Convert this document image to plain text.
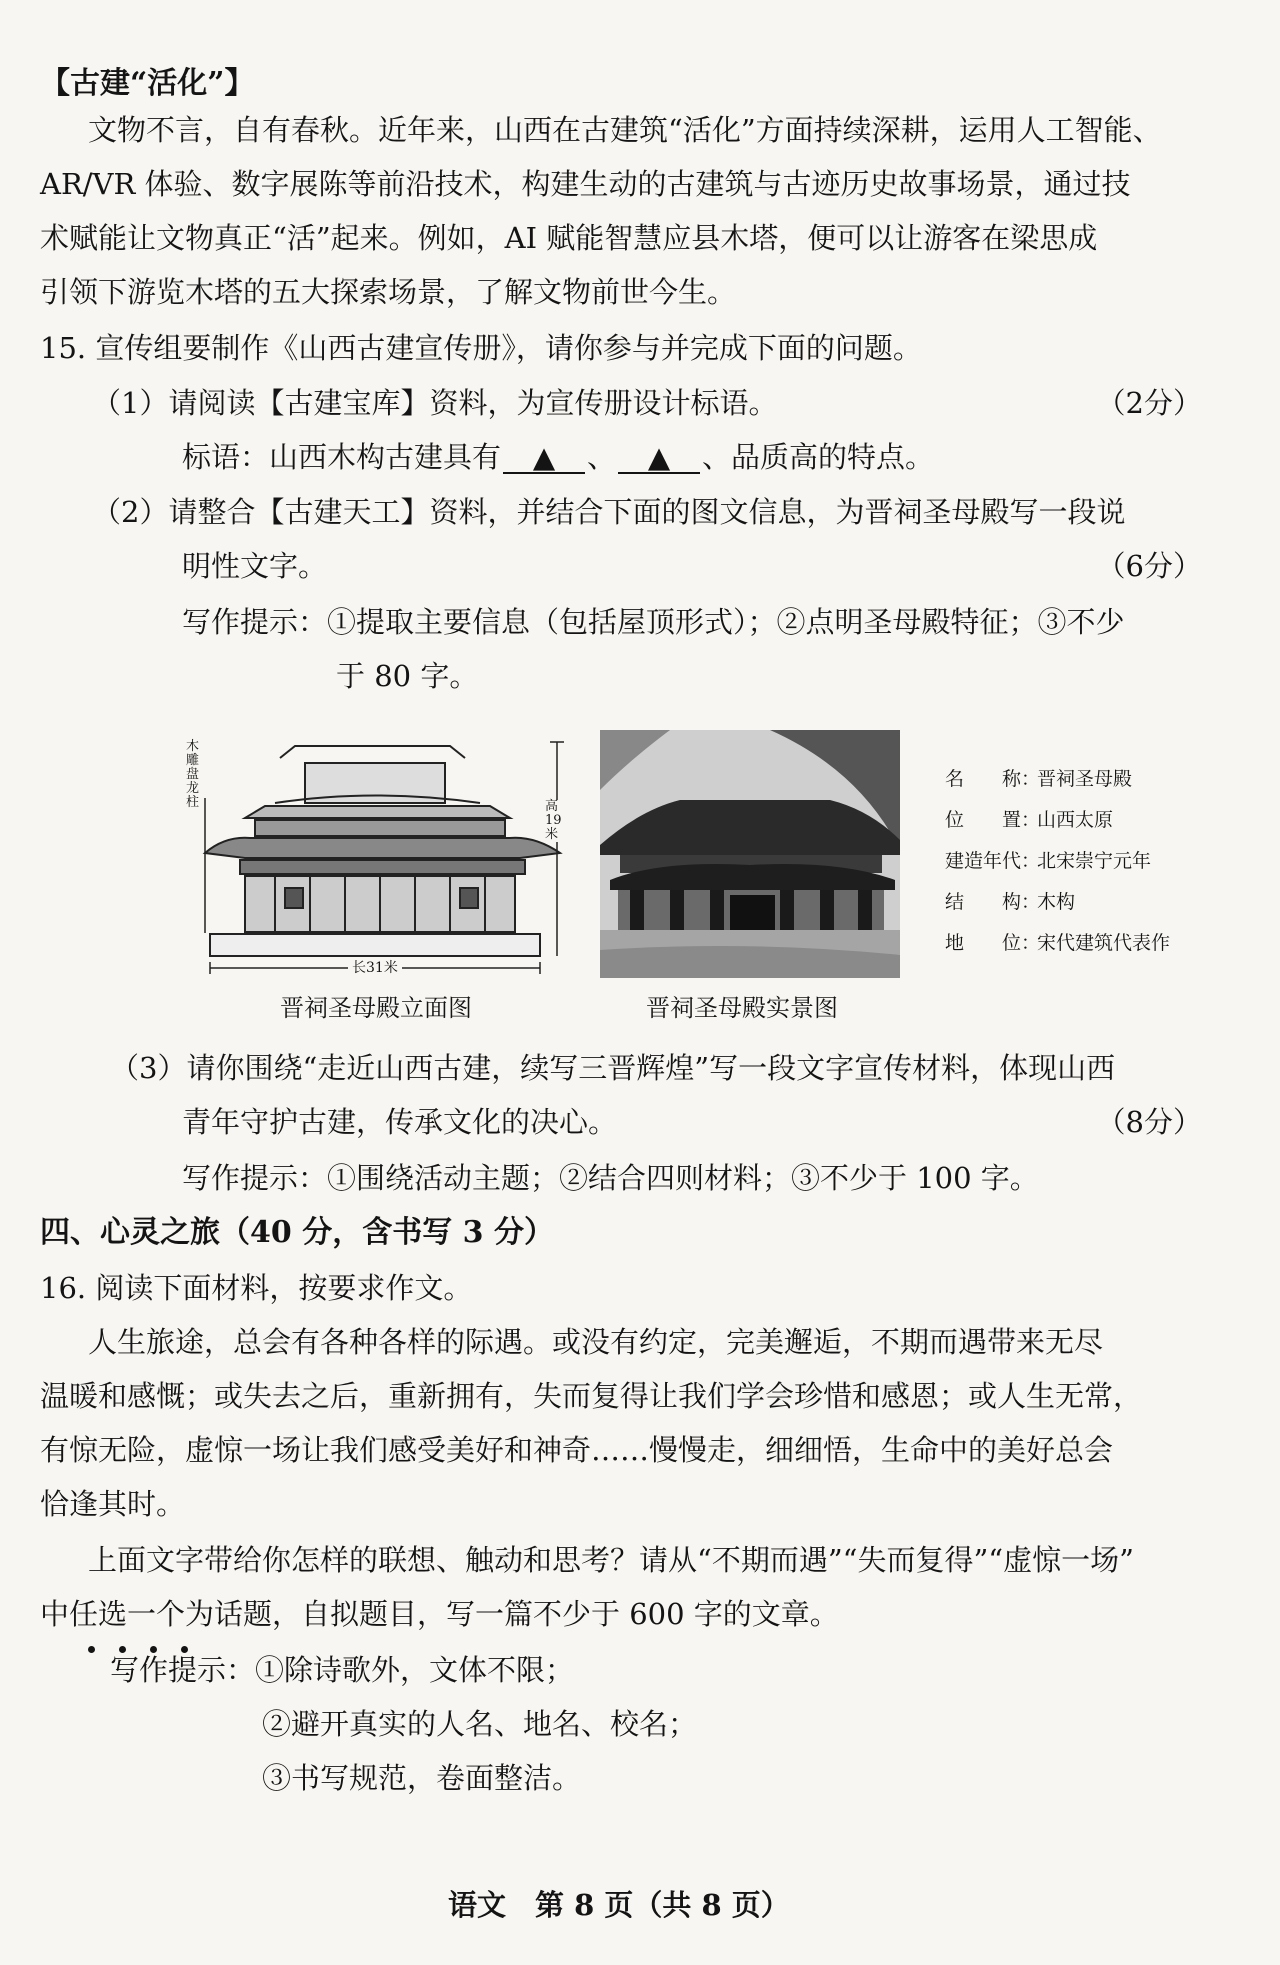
【古建“活化”】
文物不言，自有春秋。近年来，山西在古建筑“活化”方面持续深耕，运用人工智能、
AR/VR 体验、数字展陈等前沿技术，构建生动的古建筑与古迹历史故事场景，通过技
术赋能让文物真正“活”起来。例如，AI 赋能智慧应县木塔，便可以让游客在梁思成
引领下游览木塔的五大探索场景，了解文物前世今生。
15. 宣传组要制作《山西古建宣传册》，请你参与并完成下面的问题。
（1）请阅读【古建宝库】资料，为宣传册设计标语。	（2分）
标语：山西木构古建具有 ▲ 、 ▲ 、品质高的特点。
（2）请整合【古建天工】资料，并结合下面的图文信息，为晋祠圣母殿写一段说
明性文字。	（6分）
写作提示：①提取主要信息（包括屋顶形式）；②点明圣母殿特征；③不少
于 80 字。
木雕盘龙柱	高19米
长31米
晋祠圣母殿立面图	晋祠圣母殿实景图
名　　称：晋祠圣母殿
位　　置：山西太原
建造年代：北宋崇宁元年
结　　构：木构
地　　位：宋代建筑代表作
（3）请你围绕“走近山西古建，续写三晋辉煌”写一段文字宣传材料，体现山西
青年守护古建，传承文化的决心。	（8分）
写作提示：①围绕活动主题；②结合四则材料；③不少于 100 字。
四、心灵之旅（40 分，含书写 3 分）
16. 阅读下面材料，按要求作文。
人生旅途，总会有各种各样的际遇。或没有约定，完美邂逅，不期而遇带来无尽
温暖和感慨；或失去之后，重新拥有，失而复得让我们学会珍惜和感恩；或人生无常，
有惊无险，虚惊一场让我们感受美好和神奇……慢慢走，细细悟，生命中的美好总会
恰逢其时。
上面文字带给你怎样的联想、触动和思考？请从“不期而遇”“失而复得”“虚惊一场”
中任选一个为话题，自拟题目，写一篇不少于 600 字的文章。
写作提示：①除诗歌外，文体不限；
②避开真实的人名、地名、校名；
③书写规范，卷面整洁。
语文　第 8 页（共 8 页）
